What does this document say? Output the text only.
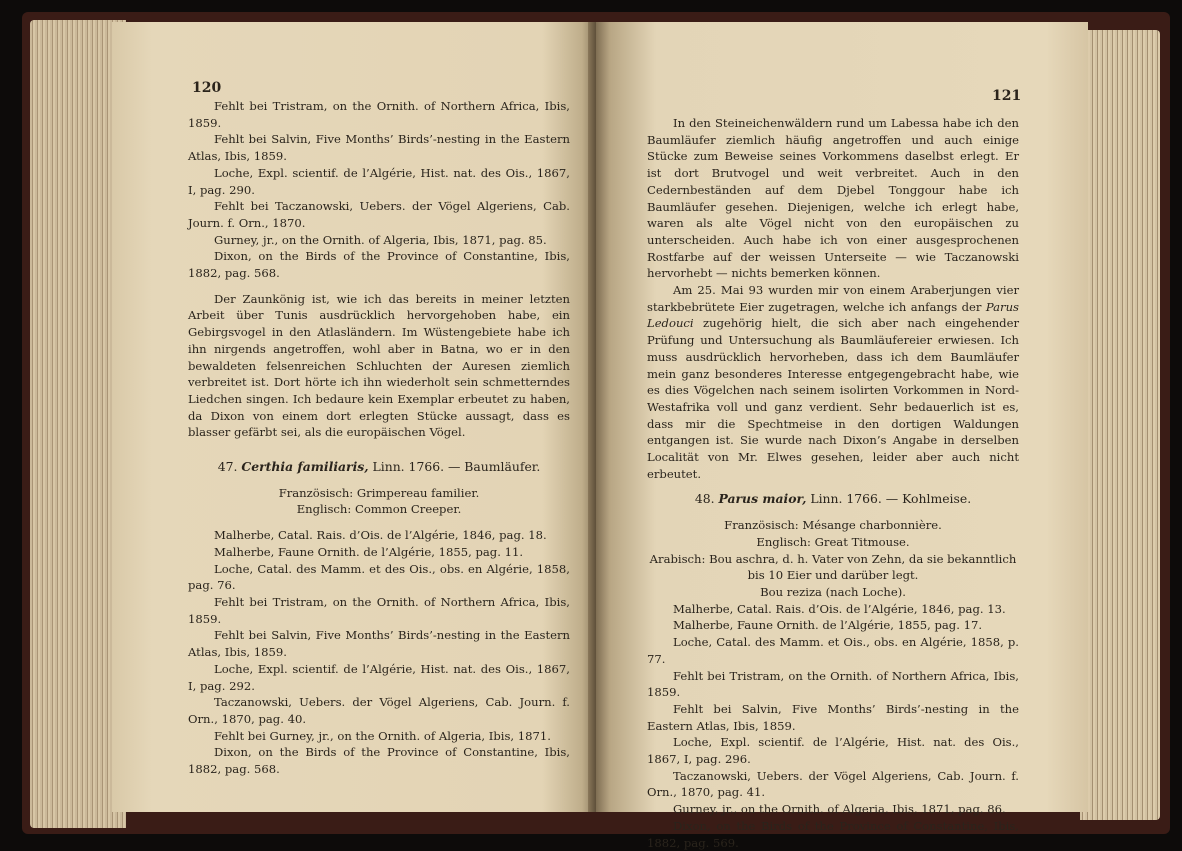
120

Fehlt bei Tristram, on the Ornith. of Northern Africa, Ibis, 1859.

Fehlt bei Salvin, Five Months’ Birds’-nesting in the Eastern Atlas, Ibis, 1859.

Loche, Expl. scientif. de l’Algérie, Hist. nat. des Ois., 1867, I, pag. 290.

Fehlt bei Taczanowski, Uebers. der Vögel Algeriens, Cab. Journ. f. Orn., 1870.

Gurney, jr., on the Ornith. of Algeria, Ibis, 1871, pag. 85.

Dixon, on the Birds of the Province of Constantine, Ibis, 1882, pag. 568.

Der Zaunkönig ist, wie ich das bereits in meiner letzten Arbeit über Tunis ausdrücklich hervorgehoben habe, ein Gebirgsvogel in den Atlasländern. Im Wüstengebiete habe ich ihn nirgends angetroffen, wohl aber in Batna, wo er in den bewaldeten felsenreichen Schluchten der Auresen ziemlich verbreitet ist. Dort hörte ich ihn wiederholt sein schmetterndes Liedchen singen. Ich bedaure kein Exemplar erbeutet zu haben, da Dixon von einem dort erlegten Stücke aussagt, dass es blasser gefärbt sei, als die europäischen Vögel.

47. Certhia familiaris, Linn. 1766. — Baumläufer.

Französisch: Grimpereau familier.

Englisch: Common Creeper.

Malherbe, Catal. Rais. d’Ois. de l’Algérie, 1846, pag. 18.

Malherbe, Faune Ornith. de l’Algérie, 1855, pag. 11.

Loche, Catal. des Mamm. et des Ois., obs. en Algérie, 1858, pag. 76.

Fehlt bei Tristram, on the Ornith. of Northern Africa, Ibis, 1859.

Fehlt bei Salvin, Five Months’ Birds’-nesting in the Eastern Atlas, Ibis, 1859.

Loche, Expl. scientif. de l’Algérie, Hist. nat. des Ois., 1867, I, pag. 292.

Taczanowski, Uebers. der Vögel Algeriens, Cab. Journ. f. Orn., 1870, pag. 40.

Fehlt bei Gurney, jr., on the Ornith. of Algeria, Ibis, 1871.

Dixon, on the Birds of the Province of Constantine, Ibis, 1882, pag. 568.

121

In den Steineichenwäldern rund um Labessa habe ich den Baumläufer ziemlich häufig angetroffen und auch einige Stücke zum Beweise seines Vorkommens daselbst erlegt. Er ist dort Brutvogel und weit verbreitet. Auch in den Cedernbeständen auf dem Djebel Tonggour habe ich Baumläufer gesehen. Diejenigen, welche ich erlegt habe, waren als alte Vögel nicht von den europäischen zu unterscheiden. Auch habe ich von einer ausgesprochenen Rostfarbe auf der weissen Unterseite — wie Taczanowski hervorhebt — nichts bemerken können.

Am 25. Mai 93 wurden mir von einem Araberjungen vier starkbebrütete Eier zugetragen, welche ich anfangs der Parus Ledouci zugehörig hielt, die sich aber nach eingehender Prüfung und Untersuchung als Baumläufereier erwiesen. Ich muss ausdrücklich hervorheben, dass ich dem Baumläufer mein ganz besonderes Interesse entgegengebracht habe, wie es dies Vögelchen nach seinem isolirten Vorkommen in Nord-Westafrika voll und ganz verdient. Sehr bedauerlich ist es, dass mir die Spechtmeise in den dortigen Waldungen entgangen ist. Sie wurde nach Dixon’s Angabe in derselben Localität von Mr. Elwes gesehen, leider aber auch nicht erbeutet.

48. Parus maior, Linn. 1766. — Kohlmeise.

Französisch: Mésange charbonnière.

Englisch: Great Titmouse.

Arabisch: Bou aschra, d. h. Vater von Zehn, da sie bekanntlich bis 10 Eier und darüber legt.

Bou reziza (nach Loche).

Malherbe, Catal. Rais. d’Ois. de l’Algérie, 1846, pag. 13.

Malherbe, Faune Ornith. de l’Algérie, 1855, pag. 17.

Loche, Catal. des Mamm. et Ois., obs. en Algérie, 1858, p. 77.

Fehlt bei Tristram, on the Ornith. of Northern Africa, Ibis, 1859.

Fehlt bei Salvin, Five Months’ Birds’-nesting in the Eastern Atlas, Ibis, 1859.

Loche, Expl. scientif. de l’Algérie, Hist. nat. des Ois., 1867, I, pag. 296.

Taczanowski, Uebers. der Vögel Algeriens, Cab. Journ. f. Orn., 1870, pag. 41.

Gurney, jr., on the Ornith. of Algeria, Ibis, 1871, pag. 86.

Dixon, on the Birds of the Province of Constantine, Ibis, 1882, pag. 569.
